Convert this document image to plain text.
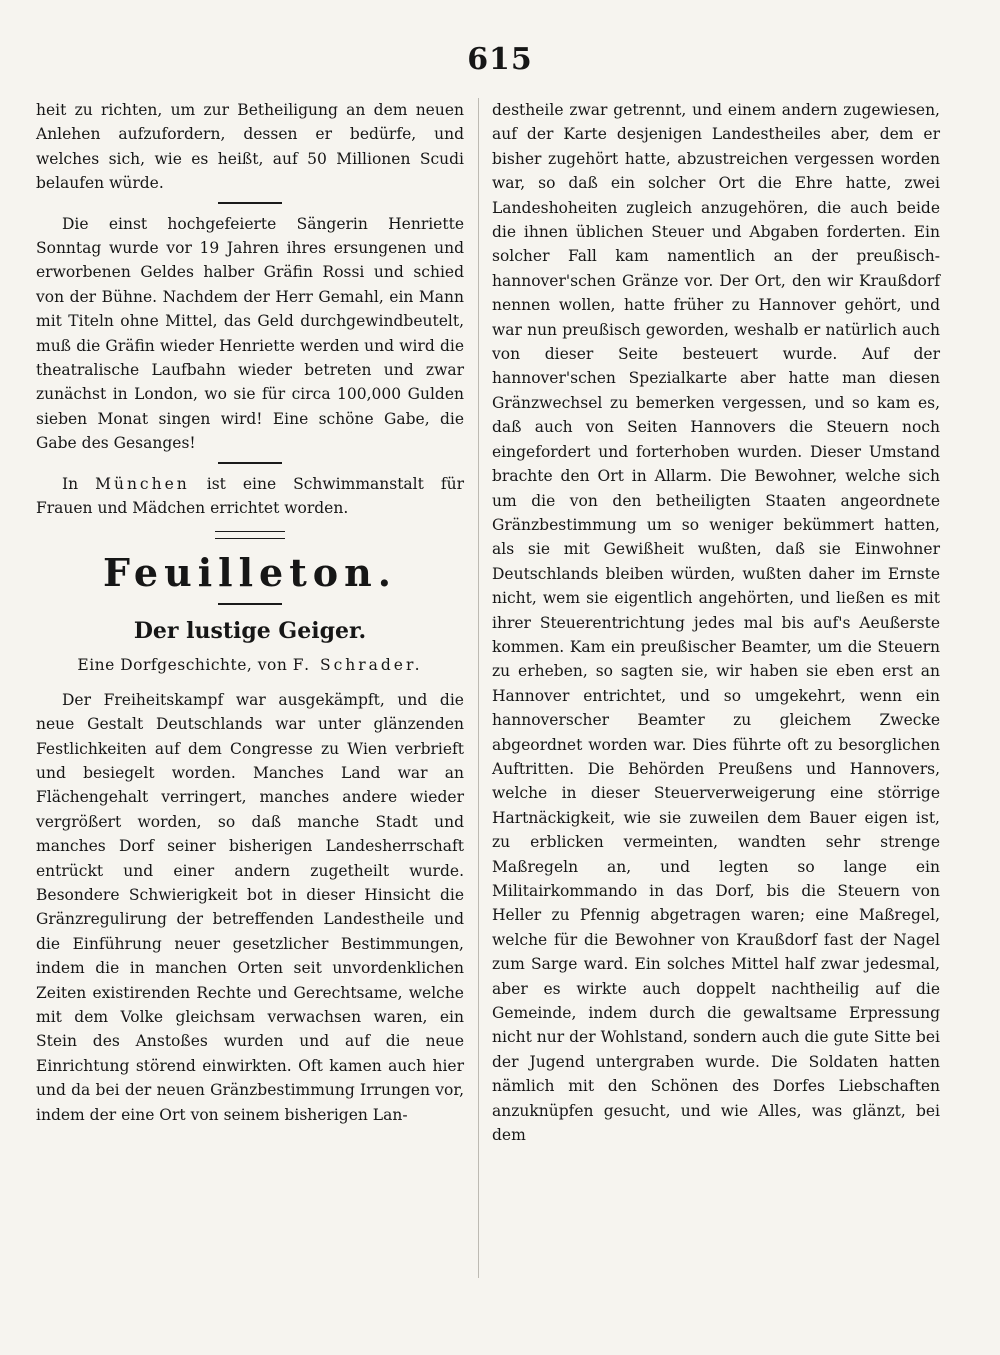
615

heit zu richten, um zur Betheiligung an dem neuen Anlehen aufzufordern, dessen er bedürfe, und welches sich, wie es heißt, auf 50 Millionen Scudi belaufen würde.

Die einst hochgefeierte Sängerin Henriette Sonntag wurde vor 19 Jahren ihres ersungenen und erworbenen Geldes halber Gräfin Rossi und schied von der Bühne. Nachdem der Herr Gemahl, ein Mann mit Titeln ohne Mittel, das Geld durchgewindbeutelt, muß die Gräfin wieder Henriette werden und wird die theatralische Laufbahn wieder betreten und zwar zunächst in London, wo sie für circa 100,000 Gulden sieben Monat singen wird! Eine schöne Gabe, die Gabe des Gesanges!

In München ist eine Schwimmanstalt für Frauen und Mädchen errichtet worden.

Feuilleton.
Der lustige Geiger.
Eine Dorfgeschichte, von F. Schrader.

Der Freiheitskampf war ausgekämpft, und die neue Gestalt Deutschlands war unter glänzenden Festlichkeiten auf dem Congresse zu Wien verbrieft und besiegelt worden. Manches Land war an Flächengehalt verringert, manches andere wieder vergrößert worden, so daß manche Stadt und manches Dorf seiner bisherigen Landesherrschaft entrückt und einer andern zugetheilt wurde. Besondere Schwierigkeit bot in dieser Hinsicht die Gränzregulirung der betreffenden Landestheile und die Einführung neuer gesetzlicher Bestimmungen, indem die in manchen Orten seit unvordenklichen Zeiten existirenden Rechte und Gerechtsame, welche mit dem Volke gleichsam verwachsen waren, ein Stein des Anstoßes wurden und auf die neue Einrichtung störend einwirkten. Oft kamen auch hier und da bei der neuen Gränzbestimmung Irrungen vor, indem der eine Ort von seinem bisherigen Lan-

destheile zwar getrennt, und einem andern zugewiesen, auf der Karte desjenigen Landestheiles aber, dem er bisher zugehört hatte, abzustreichen vergessen worden war, so daß ein solcher Ort die Ehre hatte, zwei Landeshoheiten zugleich anzugehören, die auch beide die ihnen üblichen Steuer und Abgaben forderten. Ein solcher Fall kam namentlich an der preußisch-hannover'schen Gränze vor. Der Ort, den wir Kraußdorf nennen wollen, hatte früher zu Hannover gehört, und war nun preußisch geworden, weshalb er natürlich auch von dieser Seite besteuert wurde. Auf der hannover'schen Spezialkarte aber hatte man diesen Gränzwechsel zu bemerken vergessen, und so kam es, daß auch von Seiten Hannovers die Steuern noch eingefordert und forterhoben wurden. Dieser Umstand brachte den Ort in Allarm. Die Bewohner, welche sich um die von den betheiligten Staaten angeordnete Gränzbestimmung um so weniger bekümmert hatten, als sie mit Gewißheit wußten, daß sie Einwohner Deutschlands bleiben würden, wußten daher im Ernste nicht, wem sie eigentlich angehörten, und ließen es mit ihrer Steuerentrichtung jedes mal bis auf's Aeußerste kommen. Kam ein preußischer Beamter, um die Steuern zu erheben, so sagten sie, wir haben sie eben erst an Hannover entrichtet, und so umgekehrt, wenn ein hannoverscher Beamter zu gleichem Zwecke abgeordnet worden war. Dies führte oft zu besorglichen Auftritten. Die Behörden Preußens und Hannovers, welche in dieser Steuerverweigerung eine störrige Hartnäckigkeit, wie sie zuweilen dem Bauer eigen ist, zu erblicken vermeinten, wandten sehr strenge Maßregeln an, und legten so lange ein Militairkommando in das Dorf, bis die Steuern von Heller zu Pfennig abgetragen waren; eine Maßregel, welche für die Bewohner von Kraußdorf fast der Nagel zum Sarge ward. Ein solches Mittel half zwar jedesmal, aber es wirkte auch doppelt nachtheilig auf die Gemeinde, indem durch die gewaltsame Erpressung nicht nur der Wohlstand, sondern auch die gute Sitte bei der Jugend untergraben wurde. Die Soldaten hatten nämlich mit den Schönen des Dorfes Liebschaften anzuknüpfen gesucht, und wie Alles, was glänzt, bei dem
